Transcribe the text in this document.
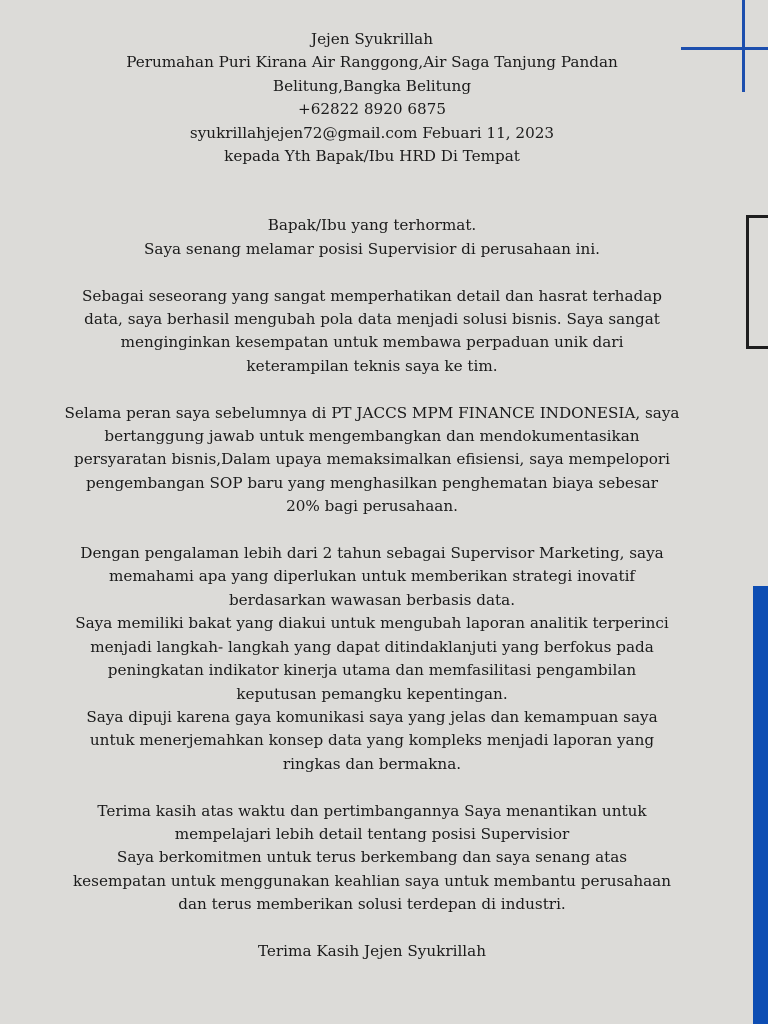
Jejen Syukrillah

Perumahan Puri Kirana Air Ranggong,Air Saga Tanjung Pandan

Belitung,Bangka Belitung

+62822 8920 6875

syukrillahjejen72@gmail.com Febuari 11, 2023

kepada Yth Bapak/Ibu HRD Di Tempat

Bapak/Ibu yang terhormat.

Saya senang melamar posisi Supervisior di perusahaan ini.

Sebagai seseorang yang sangat memperhatikan detail dan hasrat terhadap

data, saya berhasil mengubah pola data menjadi solusi bisnis. Saya sangat

menginginkan kesempatan untuk membawa perpaduan unik dari

keterampilan teknis saya ke tim.

Selama peran saya sebelumnya di PT JACCS MPM FINANCE INDONESIA, saya

bertanggung jawab untuk mengembangkan dan mendokumentasikan

persyaratan bisnis,Dalam upaya memaksimalkan efisiensi, saya mempelopori

pengembangan SOP baru yang menghasilkan penghematan biaya sebesar

20% bagi perusahaan.

Dengan pengalaman lebih dari 2 tahun sebagai Supervisor Marketing, saya

memahami apa yang diperlukan untuk memberikan strategi inovatif

berdasarkan wawasan berbasis data.

Saya memiliki bakat yang diakui untuk mengubah laporan analitik terperinci

menjadi langkah- langkah yang dapat ditindaklanjuti yang berfokus pada

peningkatan indikator kinerja utama dan memfasilitasi pengambilan

keputusan pemangku kepentingan.

Saya dipuji karena gaya komunikasi saya yang jelas dan kemampuan saya

untuk menerjemahkan konsep data yang kompleks menjadi laporan yang

ringkas dan bermakna.

Terima kasih atas waktu dan pertimbangannya Saya menantikan untuk

mempelajari lebih detail tentang posisi Supervisior

Saya berkomitmen untuk terus berkembang dan saya senang atas

kesempatan untuk menggunakan keahlian saya untuk membantu perusahaan

dan terus memberikan solusi terdepan di industri.

Terima Kasih Jejen Syukrillah
